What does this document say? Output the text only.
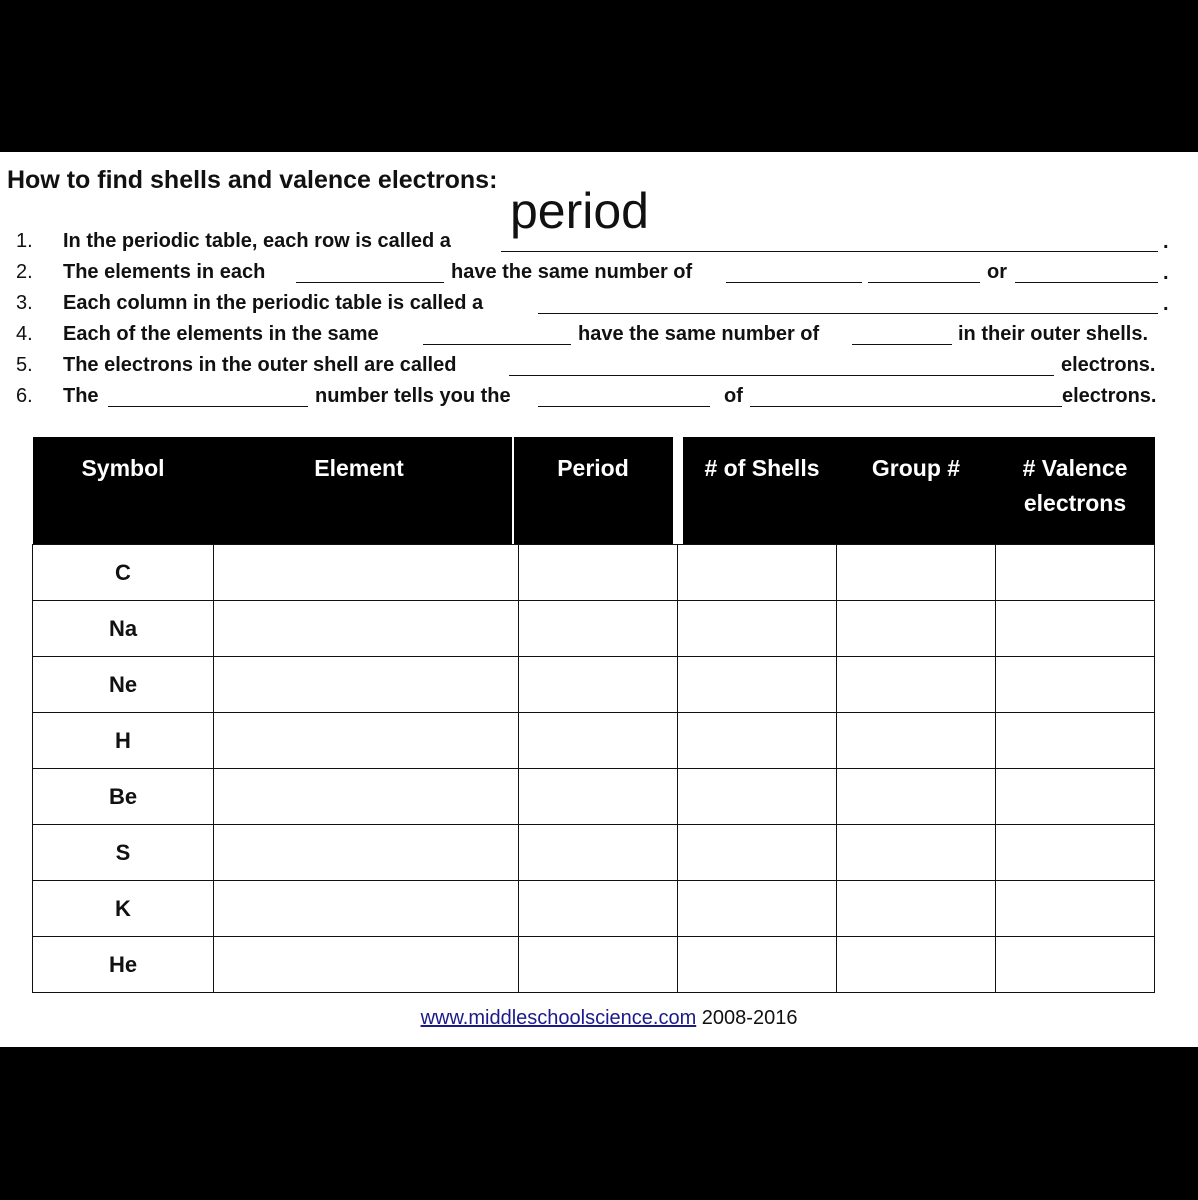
How to find shells and valence electrons:
1. In the periodic table, each row is called a	.
period
2. The elements in each	have the same number of	or	.
3. Each column in the periodic table is called a	.
4. Each of the elements in the same	have the same number of	in their outer shells.
5. The electrons in the outer shell are called	electrons.
6. The	number tells you the	of	electrons.
Symbol	Element	Period	# of Shells	Group #	# Valence electrons
C					
Na					
Ne					
H					
Be					
S					
K					
He					
www.middleschoolscience.com 2008-2016
